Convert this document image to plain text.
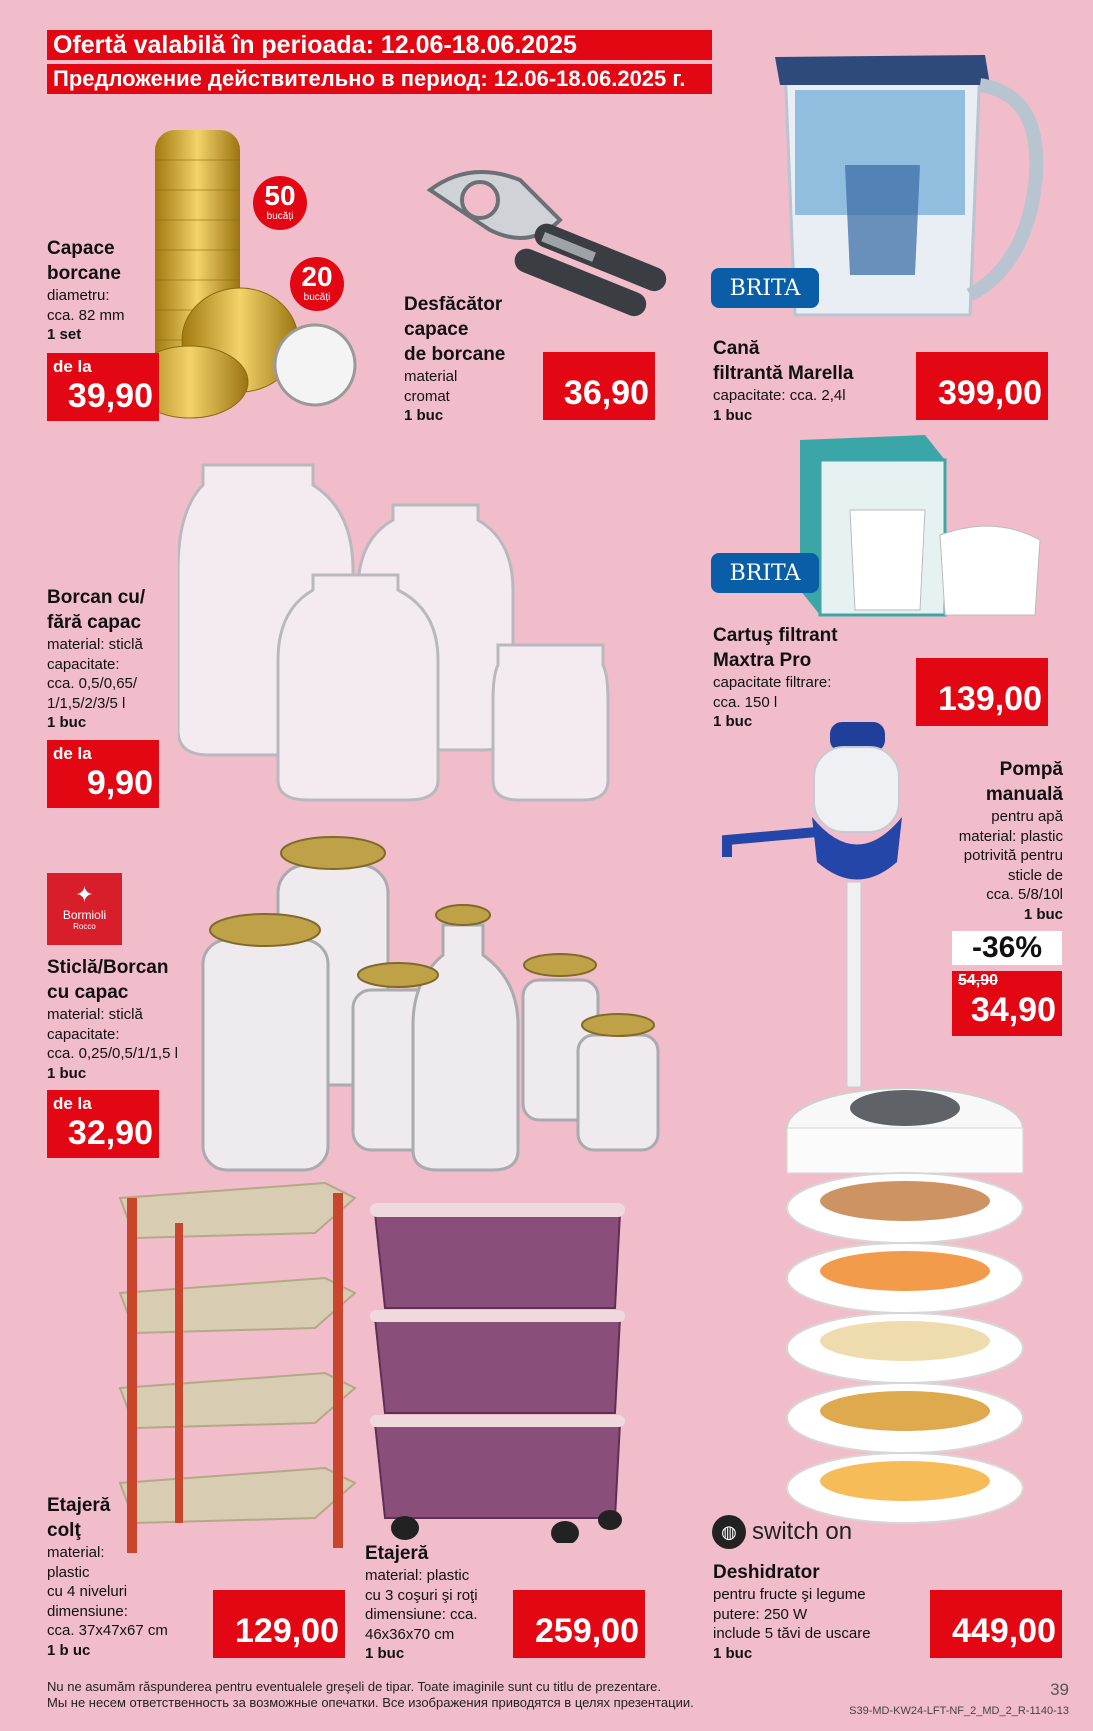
Ofertă valabilă în perioada: 12.06-18.06.2025
Предложение действительно в период: 12.06-18.06.2025 г.
50
bucăți
20
bucăți
Capace
borcane
diametru:
cca. 82 mm
1 set
de la
39,90
Desfăcător
capace
de borcane
material
cromat
1 buc
36,90
BRITA
Cană
filtrantă Marella
capacitate: cca. 2,4l
1 buc
399,00
BRITA
Cartuş filtrant
Maxtra Pro
capacitate filtrare:
cca. 150 l
1 buc
139,00
Borcan cu/
fără capac
material: sticlă
capacitate:
cca. 0,5/0,65/
1/1,5/2/3/5 l
1 buc
de la
9,90	Pompă
manuală
pentru apă
material: plastic
potrivită pentru
sticle de
cca. 5/8/10l
1 buc
-36%
54,90
34,90
✦
Bormioli
Rocco
Sticlă/Borcan
cu capac
material: sticlă
capacitate:
cca. 0,25/0,5/1/1,5 l
1 buc
de la
32,90
◍ switch on
Deshidrator
pentru fructe şi legume
putere: 250 W
include 5 tăvi de uscare
1 buc
449,00
Etajeră
colţ
material:
plastic
cu 4 niveluri
dimensiune:
cca. 37x47x67 cm
1 b uc	129,00
Etajeră
material: plastic
cu 3 coşuri şi roţi
dimensiune: cca.
46x36x70 cm
1 buc
259,00
Nu ne asumăm răspunderea pentru eventualele greşeli de tipar. Toate imaginile sunt cu titlu de prezentare.
Мы не несем ответственность за возможные опечатки. Все изображения приводятся в целях презентации.
39
S39-MD-KW24-LFT-NF_2_MD_2_R-1140-13
